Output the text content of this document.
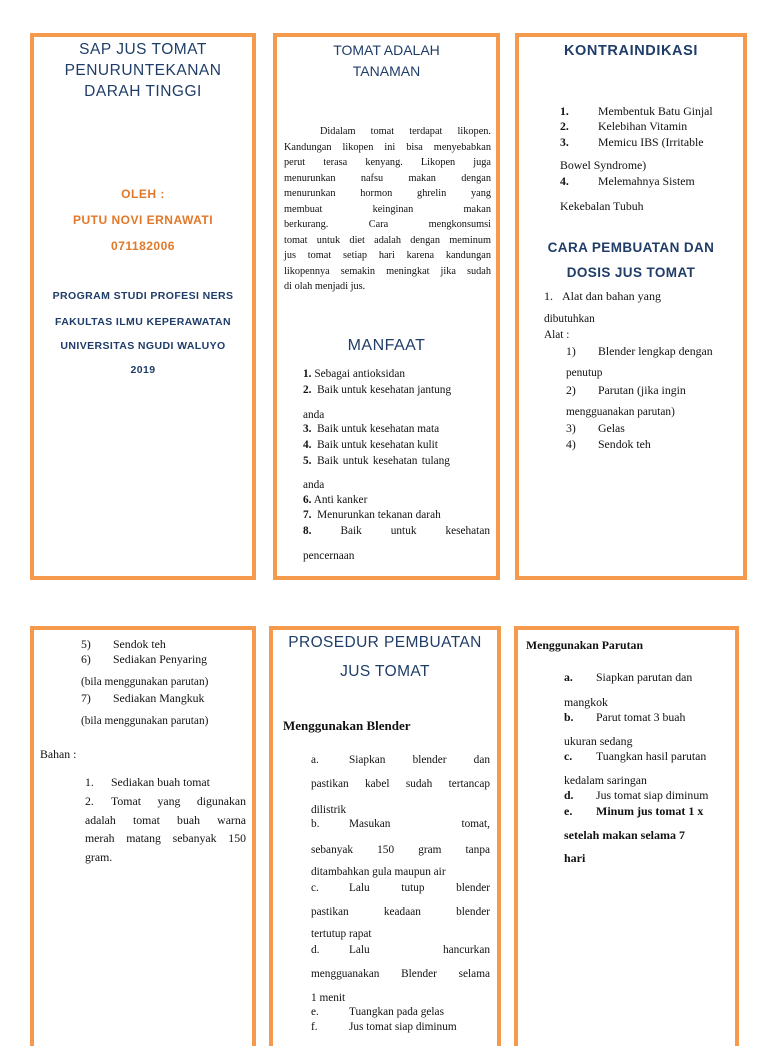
SAP JUS TOMAT
PENURUNTEKANAN
DARAH TINGGI
OLEH :
PUTU NOVI ERNAWATI
071182006
PROGRAM STUDI PROFESI NERS
FAKULTAS ILMU KEPERAWATAN
UNIVERSITAS NGUDI WALUYO
2019
TOMAT ADALAH
TANAMAN
Didalam tomat terdapat likopen.
Kandungan likopen ini bisa menyebabkan
perut terasa kenyang. Likopen juga
menurunkan nafsu makan dengan
menurunkan hormon ghrelin yang
membuat keinginan makan
berkurang. Cara mengkonsumsi
tomat untuk diet adalah dengan meminum
jus tomat setiap hari karena kandungan
likopennya semakin meningkat jika sudah
di olah menjadi jus.
MANFAAT
1. Sebagai antioksidan
2. Baik untuk kesehatan jantung
anda
3. Baik untuk kesehatan mata
4. Baik untuk kesehatan kulit
5. Baik untuk kesehatan tulang
anda
6. Anti kanker
7. Menurunkan tekanan darah
8.	Baik untuk kesehatan
pencernaan
KONTRAINDIKASI
1. Membentuk Batu Ginjal
2. Kelebihan Vitamin
3. Memicu IBS (Irritable
Bowel Syndrome)
4. Melemahnya Sistem
Kekebalan Tubuh
CARA PEMBUATAN DAN
DOSIS JUS TOMAT
1. Alat dan bahan yang
dibutuhkan
Alat :
1) Blender lengkap dengan
penutup
2) Parutan (jika ingin
mengguanakan parutan)
3) Gelas
4) Sendok teh
5) Sendok teh
6) Sediakan Penyaring
(bila menggunakan parutan)
7) Sediakan Mangkuk
(bila menggunakan parutan)
Bahan :
1. Sediakan buah tomat
2. Tomat yang digunakan
adalah tomat buah warna
merah matang sebanyak 150
gram.
PROSEDUR PEMBUATAN
JUS TOMAT
Menggunakan Blender
a.	Siapkan blender dan
pastikan kabel sudah tertancap
dilistrik
b.	Masukan tomat,
sebanyak 150 gram tanpa
ditambahkan gula maupun air
c.	Lalu tutup blender
pastikan keadaan blender
tertutup rapat
d.	Lalu hancurkan
mengguanakan Blender selama
1 menit
e.	Tuangkan pada gelas
f.	Jus tomat siap diminum
Menggunakan Parutan
a. Siapkan parutan dan
mangkok
b. Parut tomat 3 buah
ukuran sedang
c. Tuangkan hasil parutan
kedalam saringan
d. Jus tomat siap diminum
e. Minum jus tomat 1 x
setelah makan selama 7
hari
